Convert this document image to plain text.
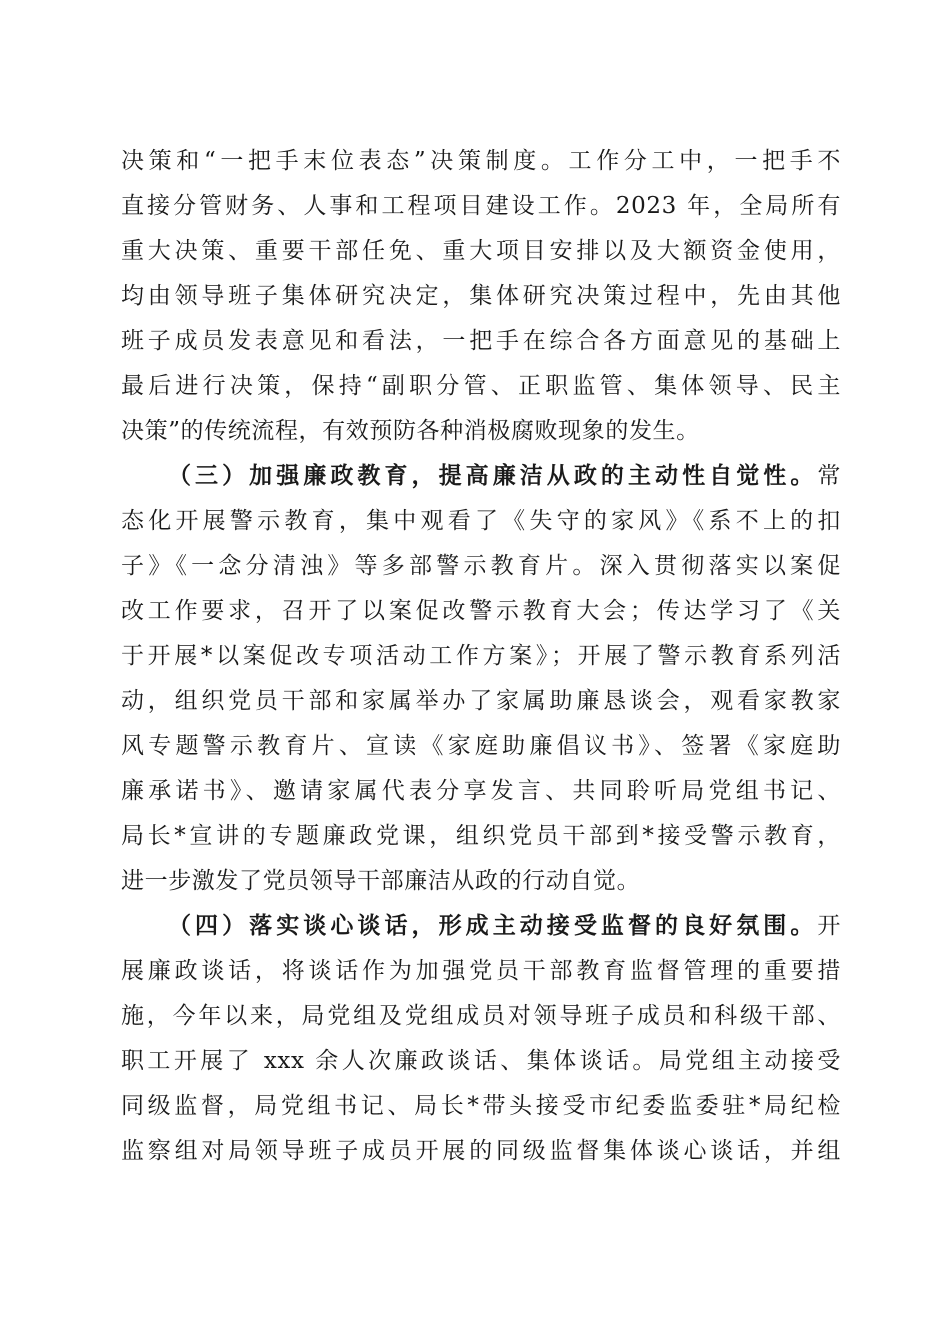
决策和“一把手末位表态”决策制度。工作分工中，一把手不
直接分管财务、人事和工程项目建设工作。2023 年，全局所有
重大决策、重要干部任免、重大项目安排以及大额资金使用，
均由领导班子集体研究决定，集体研究决策过程中，先由其他
班子成员发表意见和看法，一把手在综合各方面意见的基础上
最后进行决策，保持“副职分管、正职监管、集体领导、民主
决策”的传统流程，有效预防各种消极腐败现象的发生。
（三）加强廉政教育，提高廉洁从政的主动性自觉性。常
态化开展警示教育，集中观看了《失守的家风》《系不上的扣
子》《一念分清浊》等多部警示教育片。深入贯彻落实以案促
改工作要求，召开了以案促改警示教育大会；传达学习了《关
于开展*以案促改专项活动工作方案》；开展了警示教育系列活
动，组织党员干部和家属举办了家属助廉恳谈会，观看家教家
风专题警示教育片、宣读《家庭助廉倡议书》、签署《家庭助
廉承诺书》、邀请家属代表分享发言、共同聆听局党组书记、
局长*宣讲的专题廉政党课，组织党员干部到*接受警示教育，
进一步激发了党员领导干部廉洁从政的行动自觉。
（四）落实谈心谈话，形成主动接受监督的良好氛围。开
展廉政谈话，将谈话作为加强党员干部教育监督管理的重要措
施，今年以来，局党组及党组成员对领导班子成员和科级干部、
职工开展了 xxx 余人次廉政谈话、集体谈话。局党组主动接受
同级监督，局党组书记、局长*带头接受市纪委监委驻*局纪检
监察组对局领导班子成员开展的同级监督集体谈心谈话，并组
